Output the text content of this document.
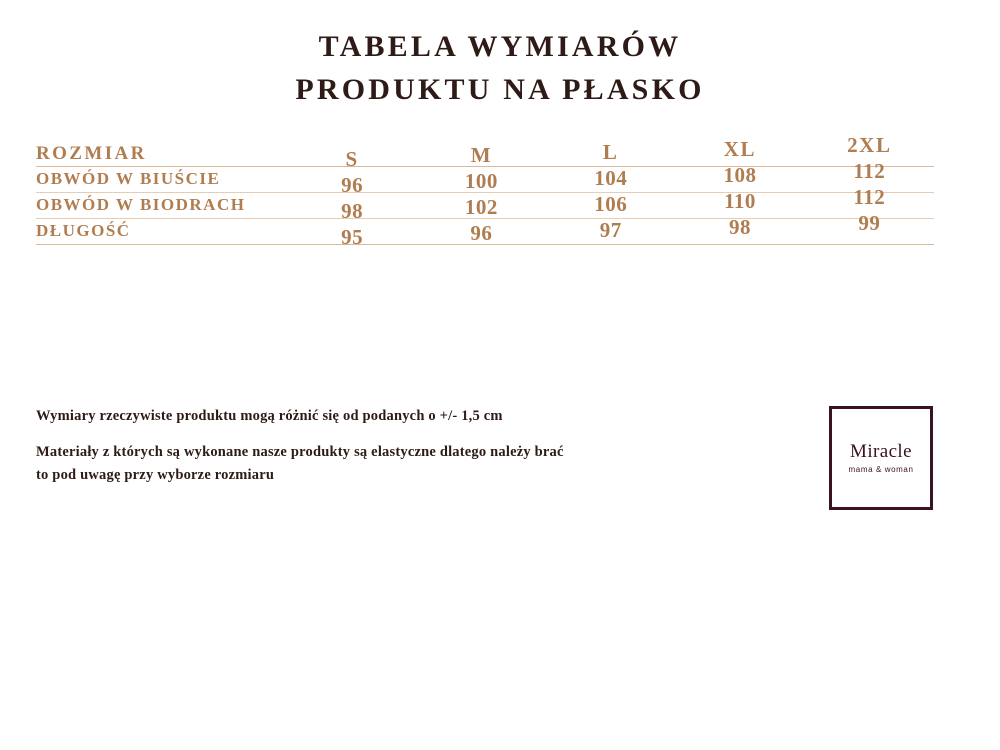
TABELA WYMIARÓW
PRODUKTU NA PŁASKO
ROZMIAR	S	M	L	XL	2XL
OBWÓD W BIUŚCIE	96	100	104	108	112
OBWÓD W BIODRACH	98	102	106	110	112
DŁUGOŚĆ	95	96	97	98	99

Wymiary rzeczywiste produktu mogą różnić się od podanych o +/- 1,5 cm

Materiały z których są wykonane nasze produkty są elastyczne dlatego należy brać to pod uwagę przy wyborze rozmiaru

Miracle
mama & woman
